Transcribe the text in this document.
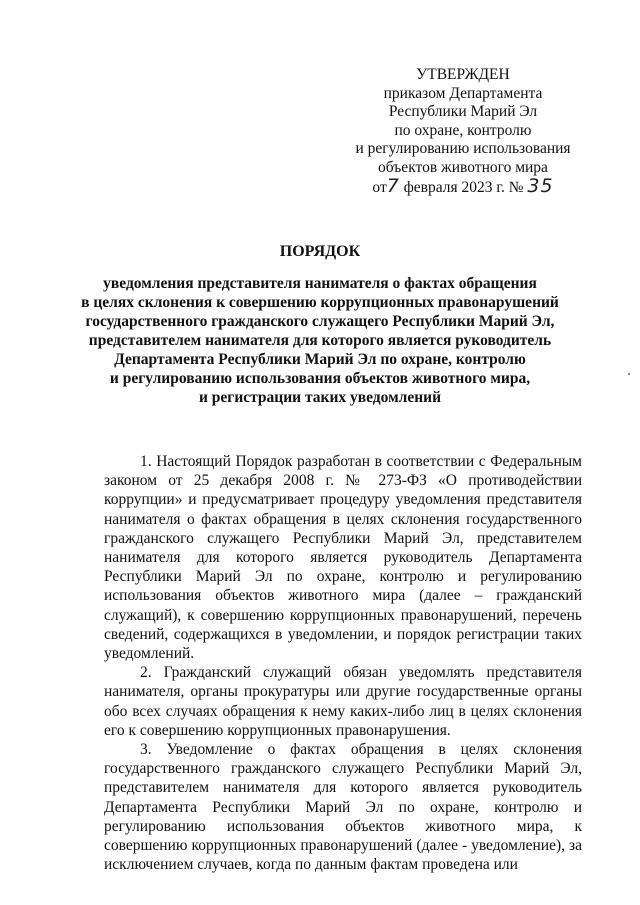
УТВЕРЖДЕН
приказом Департамента
Республики Марий Эл
по охране, контролю
и регулированию использования
объектов животного мира
от7 февраля 2023 г. № 35
ПОРЯДОК
уведомления представителя нанимателя о фактах обращения
в целях склонения к совершению коррупционных правонарушений
государственного гражданского служащего Республики Марий Эл,
представителем нанимателя для которого является руководитель
Департамента Республики Марий Эл по охране, контролю
и регулированию использования объектов животного мира,
и регистрации таких уведомлений

1. Настоящий Порядок разработан в соответствии с Федеральным законом от 25 декабря 2008 г. № 273-ФЗ «О противодействии коррупции» и предусматривает процедуру уведомления представителя нанимателя о фактах обращения в целях склонения государственного гражданского служащего Республики Марий Эл, представителем нанимателя для которого является руководитель Департамента Республики Марий Эл по охране, контролю и регулированию использования объектов животного мира (далее – гражданский служащий), к совершению коррупционных правонарушений, перечень сведений, содержащихся в уведомлении, и порядок регистрации таких уведомлений.

2. Гражданский служащий обязан уведомлять представителя нанимателя, органы прокуратуры или другие государственные органы обо всех случаях обращения к нему каких-либо лиц в целях склонения его к совершению коррупционных правонарушения.

3. Уведомление о фактах обращения в целях склонения государственного гражданского служащего Республики Марий Эл, представителем нанимателя для которого является руководитель Департамента Республики Марий Эл по охране, контролю и регулированию использования объектов животного мира, к совершению коррупционных правонарушений (далее - уведомление), за исключением случаев, когда по данным фактам проведена или
